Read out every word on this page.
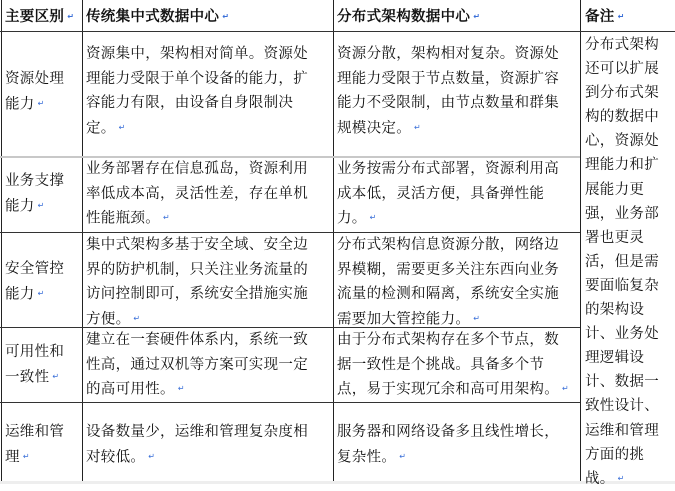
主要区别 ↵ 传统集中式数据中心 ↵	分布式架构数据中心 ↵	备注 ↵
资源处理
能力 ↵
资源集中，架构相对简单。资源处
理能力受限于单个设备的能力，扩
容能力有限，由设备自身限制决
定。 ↵
资源分散，架构相对复杂。资源处
理能力受限于节点数量，资源扩容
能力不受限制，由节点数量和群集
规模决定。 ↵
业务支撑
能力 ↵
业务部署存在信息孤岛，资源利用
率低成本高，灵活性差，存在单机
性能瓶颈。 ↵
业务按需分布式部署，资源利用高
成本低，灵活方便，具备弹性能
力。 ↵
安全管控
能力 ↵
集中式架构多基于安全域、安全边
界的防护机制，只关注业务流量的
访问控制即可，系统安全措施实施
方便。 ↵
分布式架构信息资源分散，网络边
界模糊，需要更多关注东西向业务
流量的检测和隔离，系统安全实施
需要加大管控能力。 ↵
可用性和
一致性 ↵
建立在一套硬件体系内，系统一致
性高，通过双机等方案可实现一定
的高可用性。 ↵
由于分布式架构存在多个节点，数
据一致性是个挑战。具备多个节
点，易于实现冗余和高可用架构。 ↵
运维和管
理 ↵
设备数量少，运维和管理复杂度相
对较低。 ↵
服务器和网络设备多且线性增长，
复杂性。 ↵
分布式架构
还可以扩展
到分布式架
构的数据中
心，资源处
理能力和扩
展能力更
强，业务部
署也更灵
活，但是需
要面临复杂
的架构设
计、业务处
理逻辑设
计、数据一
致性设计、
运维和管理
方面的挑
战。 ↵
